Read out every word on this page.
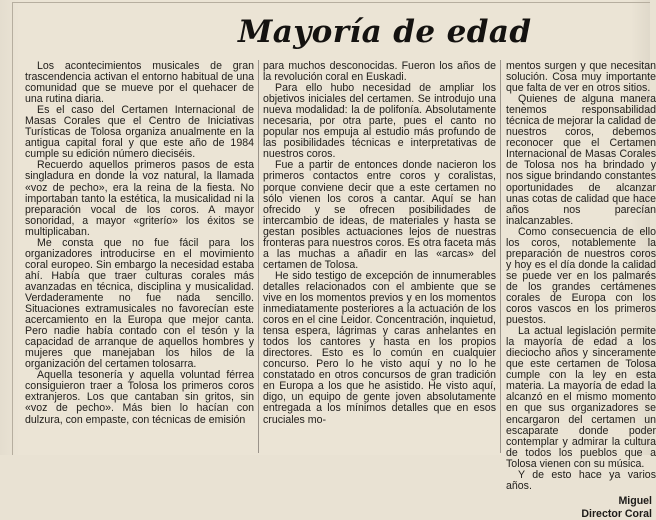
Mayoría de edad

Los acontecimientos musicales de gran trascendencia activan el entorno habitual de una comunidad que se mueve por el quehacer de una rutina diaria.

Es el caso del Certamen Internacional de Masas Corales que el Centro de Iniciativas Turísticas de Tolosa organiza anualmente en la antigua capital foral y que este año de 1984 cumple su edición número dieciséis.

Recuerdo aquellos primeros pasos de esta singladura en donde la voz natural, la llamada «voz de pecho», era la reina de la fiesta. No importaban tanto la estética, la musicalidad ni la preparación vocal de los coros. A mayor sonoridad, a mayor «griterío» los éxitos se multiplicaban.

Me consta que no fue fácil para los organizadores introducirse en el movimiento coral europeo. Sin embargo la necesidad estaba ahí. Había que traer culturas corales más avanzadas en técnica, disciplina y musicalidad. Verdaderamente no fue nada sencillo. Situaciones extramusicales no favorecían este acercamiento en la Europa que mejor canta. Pero nadie había contado con el tesón y la capacidad de arranque de aquellos hombres y mujeres que manejaban los hilos de la organización del certamen tolosarra.

Aquella tesonería y aquella voluntad férrea consiguieron traer a Tolosa los primeros coros extranjeros. Los que cantaban sin gritos, sin «voz de pecho». Más bien lo hacían con dulzura, con empaste, con técnicas de emisión

para muchos desconocidas. Fueron los años de la revolución coral en Euskadi.

Para ello hubo necesidad de ampliar los objetivos iniciales del certamen. Se introdujo una nueva modalidad: la de polifonía. Absolutamente necesaria, por otra parte, pues el canto no popular nos empuja al estudio más profundo de las posibilidades técnicas e interpretativas de nuestros coros.

Fue a partir de entonces donde nacieron los primeros contactos entre coros y coralistas, porque conviene decir que a este certamen no sólo vienen los coros a cantar. Aquí se han ofrecido y se ofrecen posibilidades de intercambio de ideas, de materiales y hasta se gestan posibles actuaciones lejos de nuestras fronteras para nuestros coros. Es otra faceta más a las muchas a añadir en las «arcas» del certamen de Tolosa.

He sido testigo de excepción de innumerables detalles relacionados con el ambiente que se vive en los momentos previos y en los momentos inmediatamente posteriores a la actuación de los coros en el cine Leidor. Concentración, inquietud, tensa espera, lágrimas y caras anhelantes en todos los cantores y hasta en los propios directores. Esto es lo común en cualquier concurso. Pero lo he visto aquí y no lo he constatado en otros concursos de gran tradición en Europa a los que he asistido. He visto aquí, digo, un equipo de gente joven absolutamente entregada a los mínimos detalles que en esos cruciales mo-

mentos surgen y que necesitan solución. Cosa muy importante que falta de ver en otros sitios.

Quienes de alguna manera tenemos responsabilidad técnica de mejorar la calidad de nuestros coros, debemos reconocer que el Certamen Internacional de Masas Corales de Tolosa nos ha brindado y nos sigue brindando constantes oportunidades de alcanzar unas cotas de calidad que hace años nos parecían inalcanzables.

Como consecuencia de ello los coros, notablemente la preparación de nuestros coros y hoy es el día donde la calidad se puede ver en los palmarés de los grandes certámenes corales de Europa con los coros vascos en los primeros puestos.

La actual legislación permite la mayoría de edad a los dieciocho años y sinceramente que este certamen de Tolosa cumple con la ley en esta materia. La mayoría de edad la alcanzó en el mismo momento en que sus organizadores se encargaron del certamen un escaparate donde poder contemplar y admirar la cultura de todos los pueblos que a Tolosa vienen con su música.

Y de esto hace ya varios años.

Miguel
Director Coral
